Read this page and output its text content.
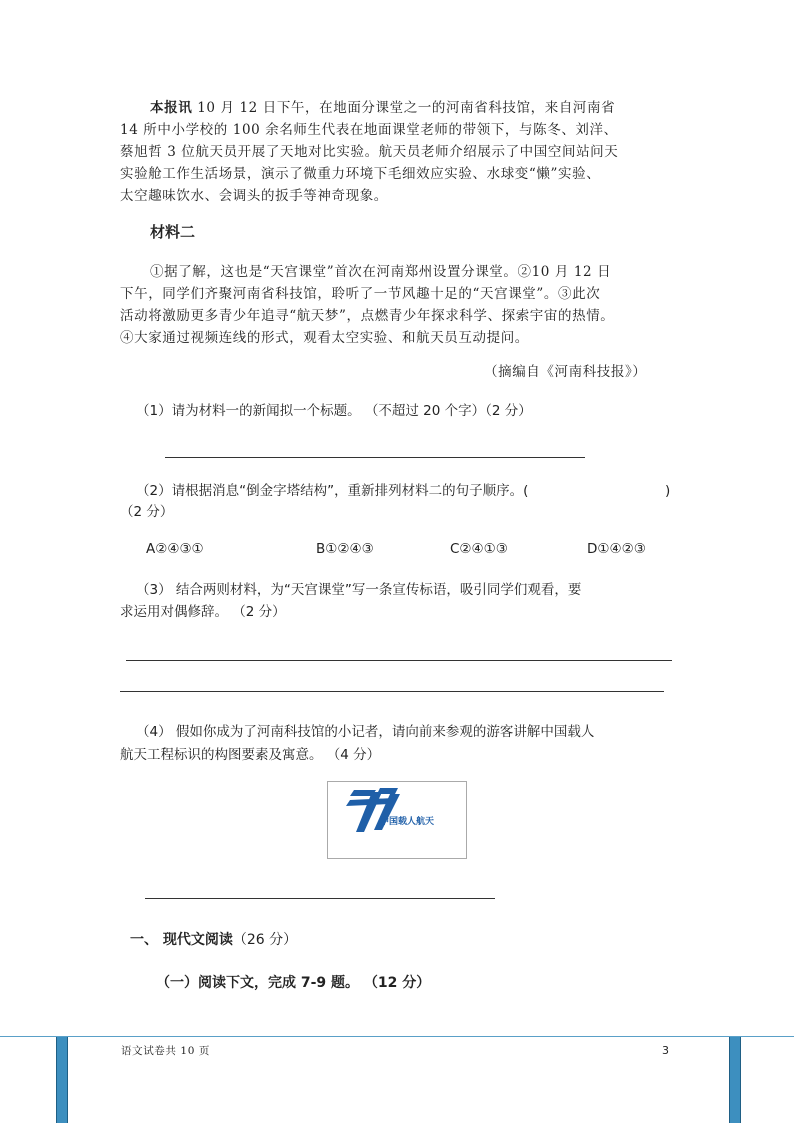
本报讯 10 月 12 日下午，在地面分课堂之一的河南省科技馆，来自河南省
14 所中小学校的 100 余名师生代表在地面课堂老师的带领下，与陈冬、刘洋、
蔡旭哲 3 位航天员开展了天地对比实验。航天员老师介绍展示了中国空间站问天
实验舱工作生活场景，演示了微重力环境下毛细效应实验、水球变“懒”实验、
太空趣味饮水、会调头的扳手等神奇现象。
材料二
①据了解，这也是“天宫课堂”首次在河南郑州设置分课堂。②10 月 12 日
下午，同学们齐聚河南省科技馆，聆听了一节风趣十足的“天宫课堂”。③此次
活动将激励更多青少年追寻“航天梦”，点燃青少年探求科学、探索宇宙的热情。
④大家通过视频连线的形式，观看太空实验、和航天员互动提问。
（摘编自《河南科技报》）
（1）请为材料一的新闻拟一个标题。 （不超过 20 个字）（2 分）
（2）请根据消息“倒金字塔结构”，重新排列材料二的句子顺序。(	)
（2 分）
A②④③①	B①②④③	C②④①③	D①④②③
（3） 结合两则材料，为“天宫课堂”写一条宣传标语，吸引同学们观看，要
求运用对偶修辞。 （2 分）
（4） 假如你成为了河南科技馆的小记者，请向前来参观的游客讲解中国载人
航天工程标识的构图要素及寓意。 （4 分）
中国载人航天
一、 现代文阅读（26 分）
（一）阅读下文，完成 7-9 题。 （12 分）
语文试卷共 10 页	3
